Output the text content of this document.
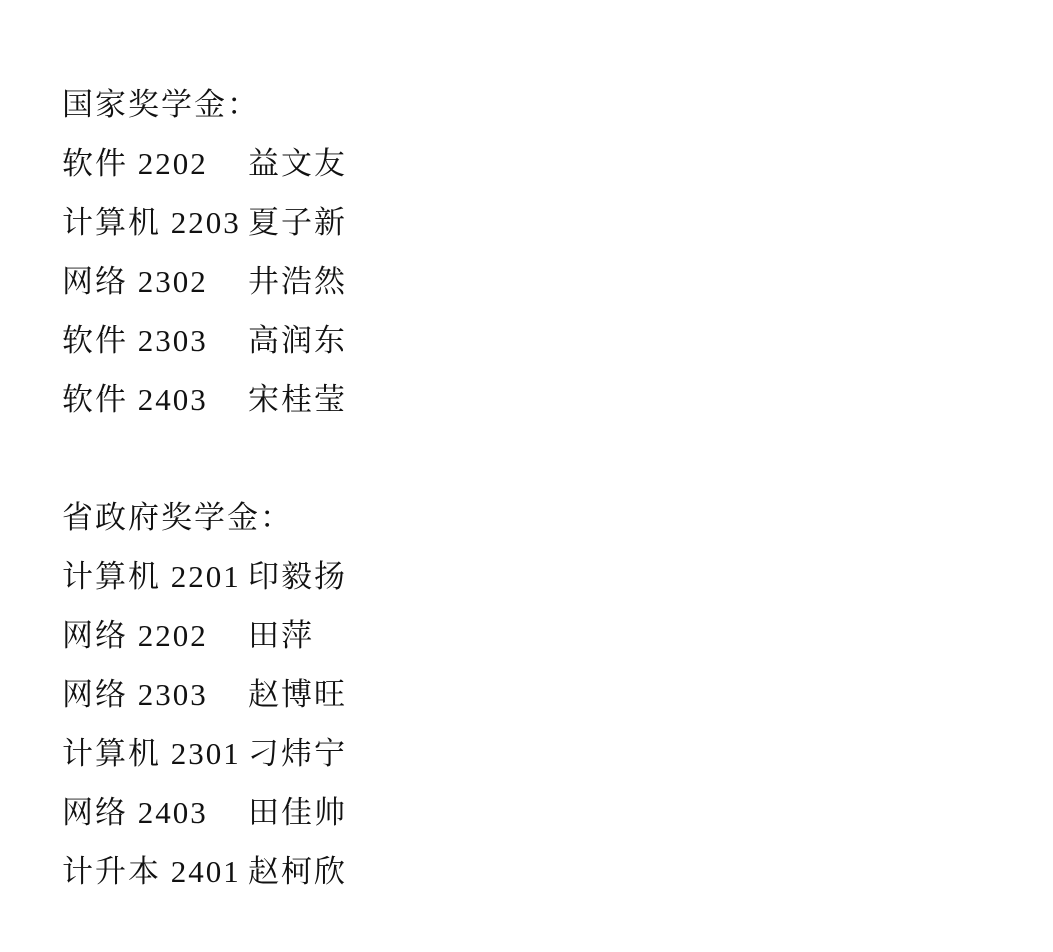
国家奖学金：
软件 2202	益文友
计算机 2203 夏子新
网络 2302	井浩然
软件 2303	高润东
软件 2403	宋桂莹
省政府奖学金：
计算机 2201 印毅扬
网络 2202	田萍
网络 2303	赵博旺
计算机 2301 刁炜宁
网络 2403	田佳帅
计升本 2401 赵柯欣
